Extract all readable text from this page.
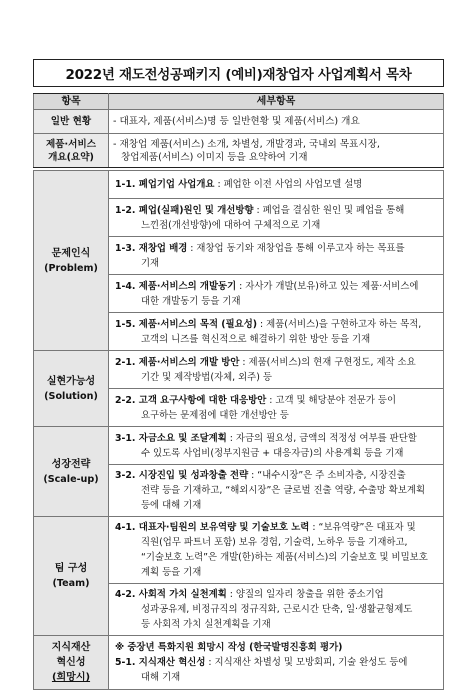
2022년 재도전성공패키지 (예비)재창업자 사업계획서 목차
항목	세부항목
일반 현황	- 대표자, 제품(서비스)명 등 일반현황 및 제품(서비스) 개요

제품·서비스
개요(요약)	- 재창업 제품(서비스) 소개, 차별성, 개발경과, 국내외 목표시장,
창업제품(서비스) 이미지 등을 요약하여 기재
문제인식
(Problem)	1-1. 폐업기업 사업개요 : 폐업한 이전 사업의 사업모델 설명

	1-2. 폐업(실패)원인 및 개선방향 : 폐업을 결심한 원인 및 폐업을 통해
느낀점(개선방향)에 대하여 구체적으로 기재

	1-3. 재창업 배경 : 재창업 동기와 재창업을 통해 이루고자 하는 목표를
기재

	1-4. 제품·서비스의 개발동기 : 자사가 개발(보유)하고 있는 제품·서비스에
대한 개발동기 등을 기재

	1-5. 제품·서비스의 목적 (필요성) : 제품(서비스)을 구현하고자 하는 목적,
고객의 니즈를 혁신적으로 해결하기 위한 방안 등을 기재

실현가능성
(Solution)	2-1. 제품·서비스의 개발 방안 : 제품(서비스)의 현재 구현정도, 제작 소요
기간 및 제작방법(자체, 외주) 등

	2-2. 고객 요구사항에 대한 대응방안 : 고객 및 해당분야 전문가 등이
요구하는 문제점에 대한 개선방안 등

성장전략
(Scale-up)	3-1. 자금소요 및 조달계획 : 자금의 필요성, 금액의 적정성 여부를 판단할
수 있도록 사업비(정부지원금 + 대응자금)의 사용계획 등을 기재

	3-2. 시장진입 및 성과창출 전략 : “내수시장”은 주 소비자층, 시장진출
전략 등을 기재하고, “해외시장”은 글로벌 진출 역량, 수출망 확보계획
등에 대해 기재

팀 구성
(Team)	4-1. 대표자·팀원의 보유역량 및 기술보호 노력 : “보유역량”은 대표자 및
직원(업무 파트너 포함) 보유 경험, 기술력, 노하우 등을 기재하고,
“기술보호 노력”은 개발(한)하는 제품(서비스)의 기술보호 및 비밀보호
계획 등을 기재

	4-2. 사회적 가치 실천계획 : 양질의 일자리 창출을 위한 중소기업
성과공유제, 비정규직의 정규직화, 근로시간 단축, 일·생활균형제도
등 사회적 가치 실천계획을 기재

지식재산
혁신성
(희망시)	※ 중장년 특화지원 희망시 작성 (한국발명진흥회 평가)
5-1. 지식재산 혁신성 : 지식재산 차별성 및 모방회피, 기술 완성도 등에
대해 기재
